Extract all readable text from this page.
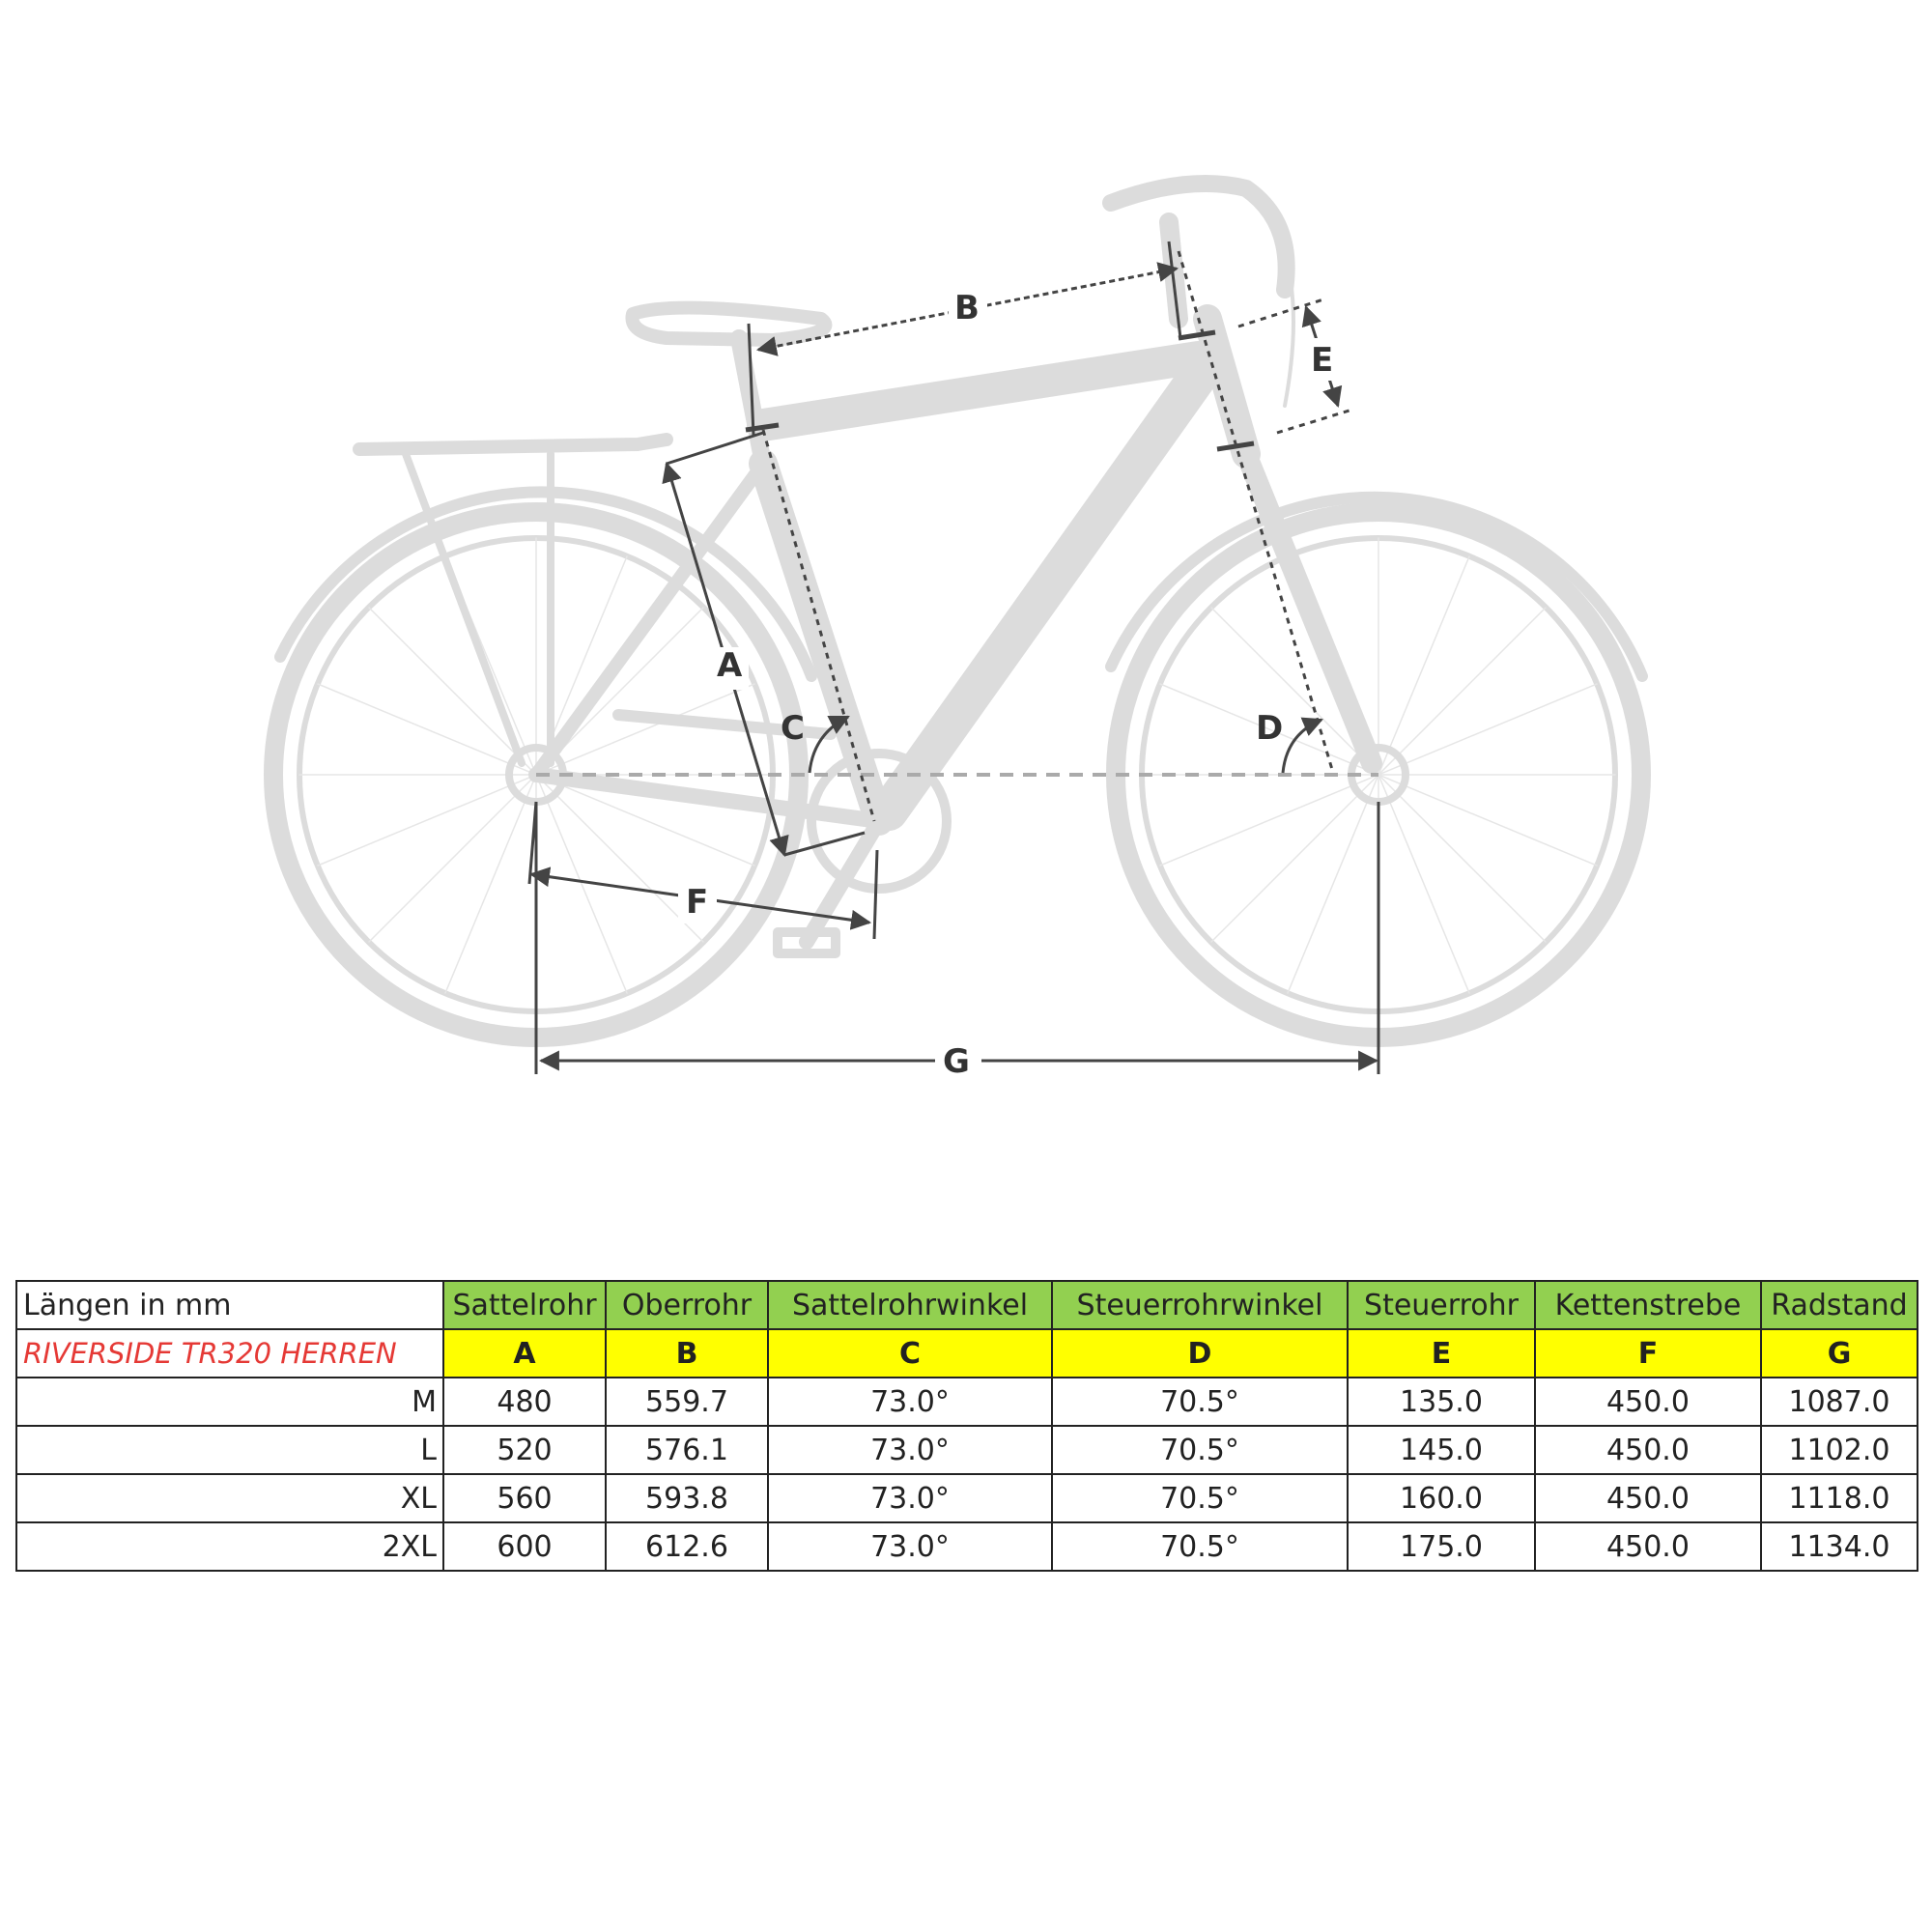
A
B
C	D
E
F
G
Längen in mm	Sattelrohr	Oberrohr	Sattelrohrwinkel	Steuerrohrwinkel	Steuerrohr	Kettenstrebe	Radstand
RIVERSIDE TR320 HERREN	A	B	C	D	E	F	G
M	480	559.7	73.0°	70.5°	135.0	450.0	1087.0
L	520	576.1	73.0°	70.5°	145.0	450.0	1102.0
XL	560	593.8	73.0°	70.5°	160.0	450.0	1118.0
2XL	600	612.6	73.0°	70.5°	175.0	450.0	1134.0
